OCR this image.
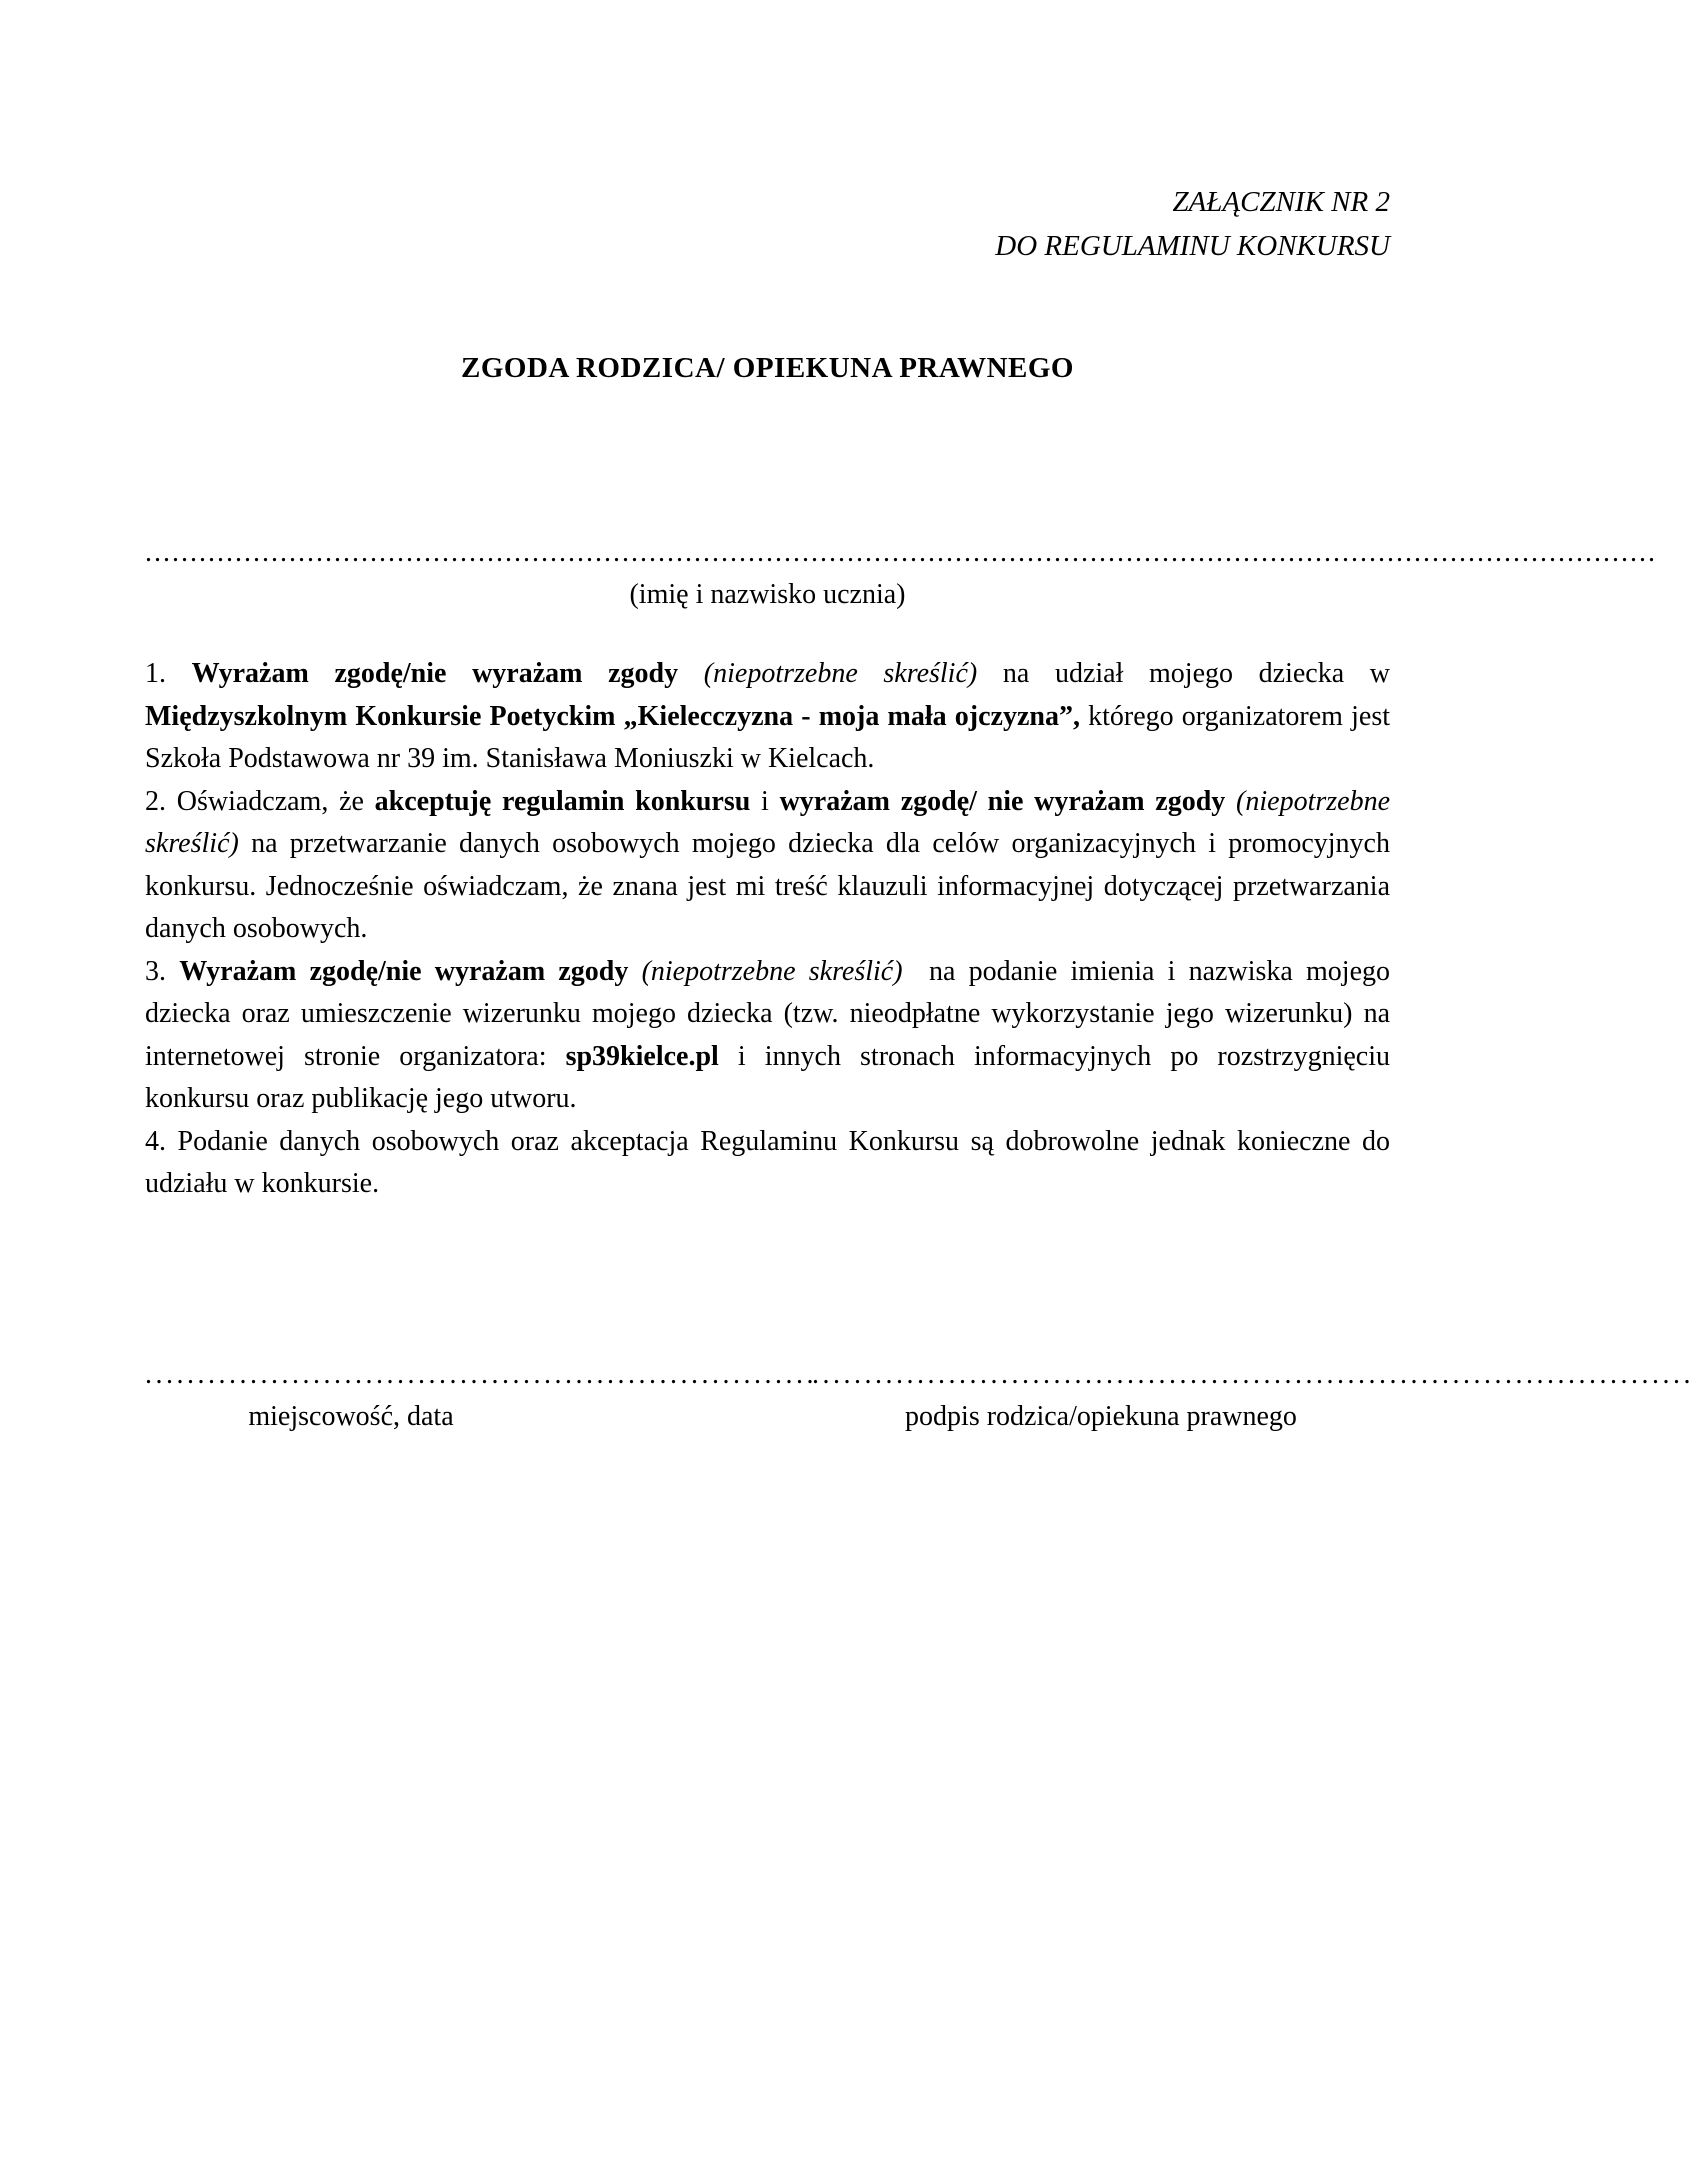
ZAŁĄCZNIK NR 2
DO REGULAMINU KONKURSU
ZGODA RODZICA/ OPIEKUNA PRAWNEGO
........................................................................................................................................................................
(imię i nazwisko ucznia)

1. Wyrażam zgodę/nie wyrażam zgody (niepotrzebne skreślić) na udział mojego dziecka w Międzyszkolnym Konkursie Poetyckim „Kielecczyzna - moja mała ojczyzna”, którego organizatorem jest Szkoła Podstawowa nr 39 im. Stanisława Moniuszki w Kielcach.

2. Oświadczam, że akceptuję regulamin konkursu i wyrażam zgodę/ nie wyrażam zgody (niepotrzebne skreślić) na przetwarzanie danych osobowych mojego dziecka dla celów organizacyjnych i promocyjnych konkursu. Jednocześnie oświadczam, że znana jest mi treść klauzuli informacyjnej dotyczącej przetwarzania danych osobowych.

3. Wyrażam zgodę/nie wyrażam zgody (niepotrzebne skreślić)  na podanie imienia i nazwiska mojego dziecka oraz umieszczenie wizerunku mojego dziecka (tzw. nieodpłatne wykorzystanie jego wizerunku) na internetowej stronie organizatora: sp39kielce.pl i innych stronach informacyjnych po rozstrzygnięciu konkursu oraz publikację jego utworu.

4. Podanie danych osobowych oraz akceptacja Regulaminu Konkursu są dobrowolne jednak konieczne do udziału w konkursie.

................................................................
miejscowość, data
....................................................................................
podpis rodzica/opiekuna prawnego
